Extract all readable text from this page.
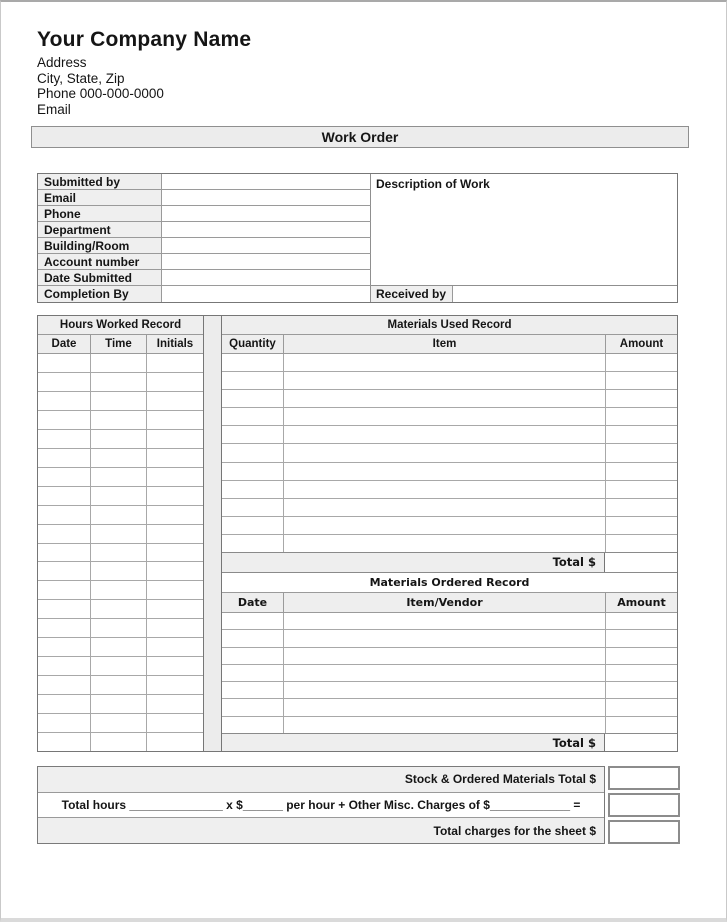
Your Company Name
Address
City, State, Zip
Phone 000-000-0000
Email
Work Order
Submitted by
Email
Phone
Department
Building/Room
Account number
Date Submitted
Completion By
Description of Work
Received by
Hours Worked Record
Date	Time	Initials
Materials Used Record
Quantity	Item	Amount
Total $
Materials Ordered Record
Date	Item/Vendor	Amount
Total $
Stock & Ordered Materials Total $
Total hours ______________ x $______ per hour + Other Misc. Charges of $____________ =
Total charges for the sheet $
